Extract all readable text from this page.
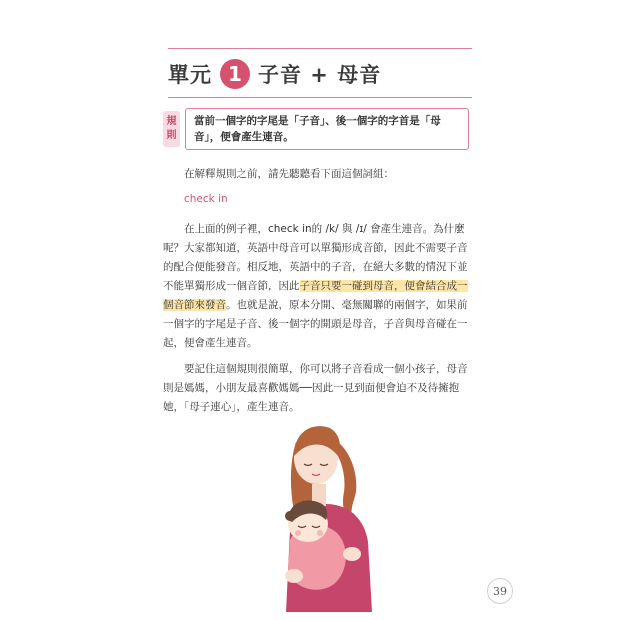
單元 1 子音 + 母音
規
則
當前一個字的字尾是「子音」、後一個字的字首是「母音」，便會產生連音。
在解釋規則之前，請先聽聽看下面這個詞組：
check in
在上面的例子裡，check in的 /k/ 與 /ɪ/ 會產生連音。為什麼呢？大家都知道，英語中母音可以單獨形成音節，因此不需要子音的配合便能發音。相反地，英語中的子音，在絕大多數的情況下並不能單獨形成一個音節，因此子音只要一碰到母音，便會結合成一個音節來發音。也就是說，原本分開、毫無關聯的兩個字，如果前一個字的字尾是子音、後一個字的開頭是母音，子音與母音碰在一起，便會產生連音。
要記住這個規則很簡單，你可以將子音看成一個小孩子，母音則是媽媽，小朋友最喜歡媽媽──因此一見到面便會迫不及待擁抱她，「母子連心」，產生連音。
39
